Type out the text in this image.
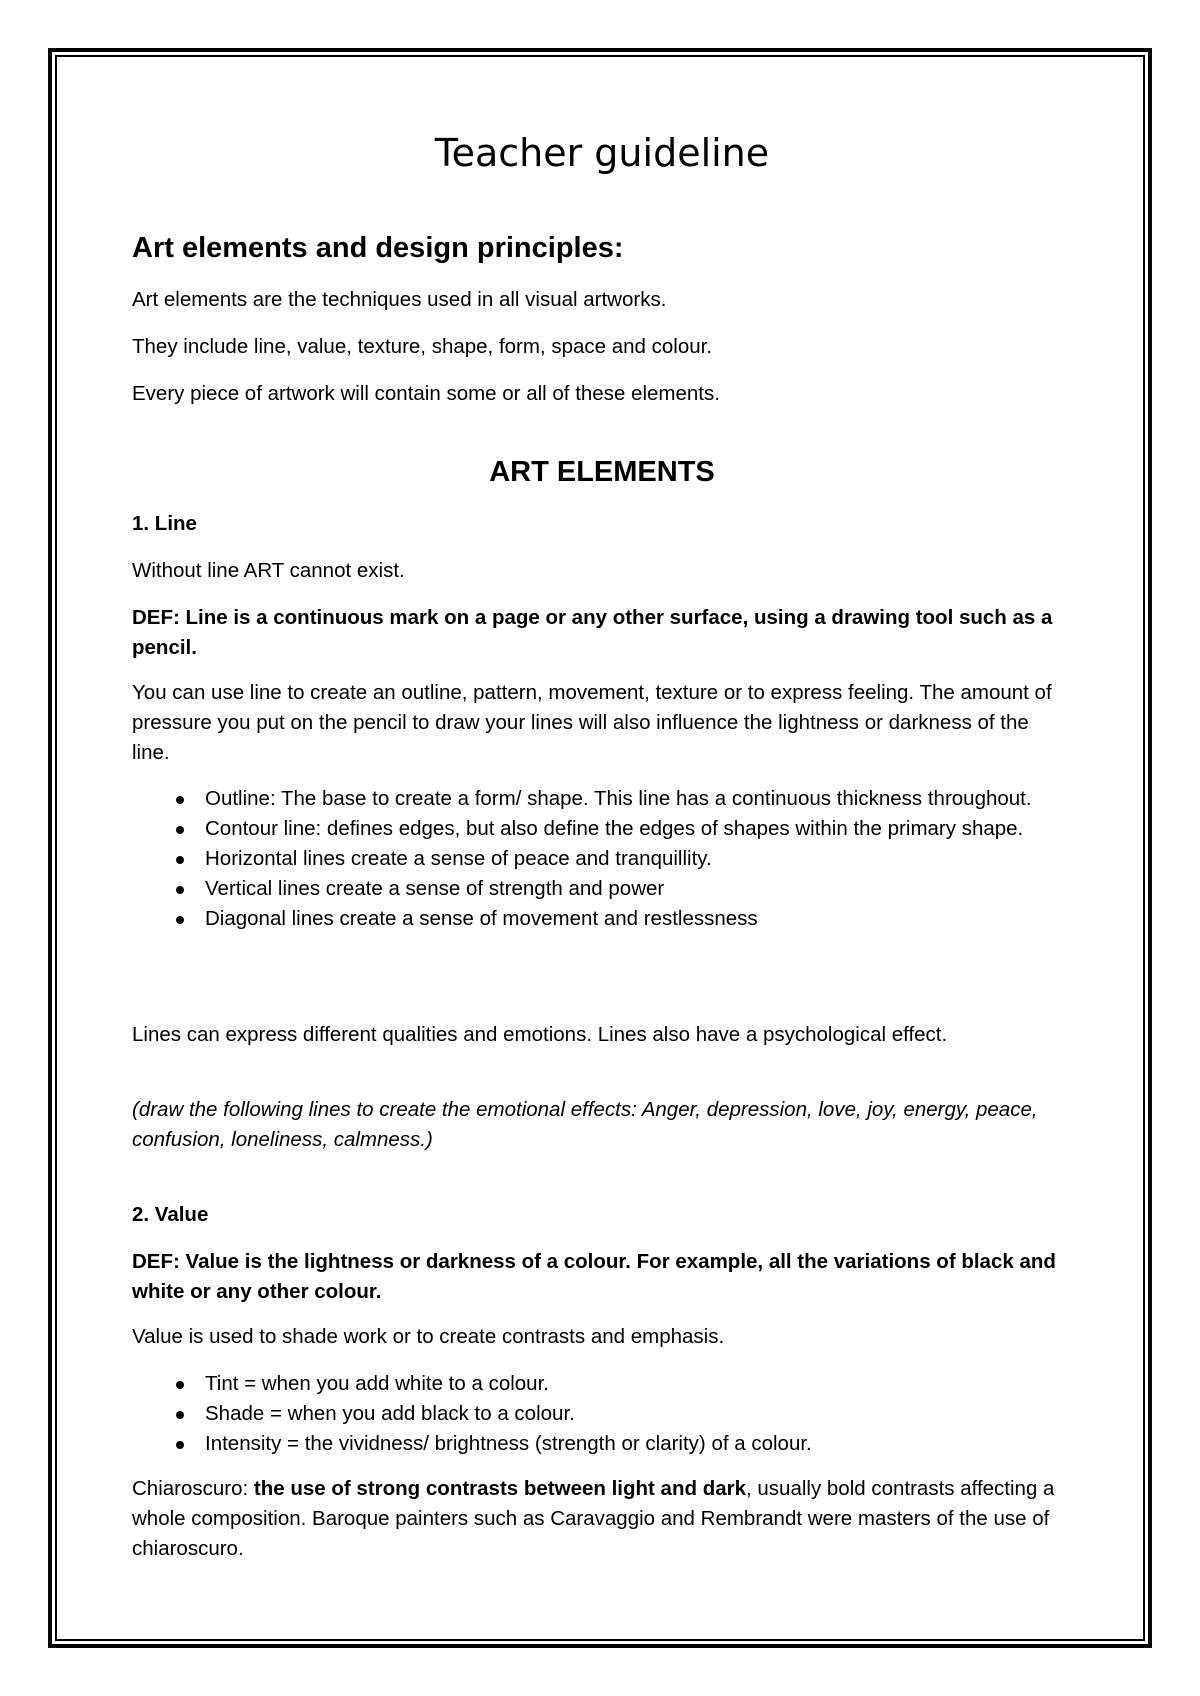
Teacher guideline
Art elements and design principles:

Art elements are the techniques used in all visual artworks.

They include line, value, texture, shape, form, space and colour.

Every piece of artwork will contain some or all of these elements.

ART ELEMENTS

1. Line

Without line ART cannot exist.

DEF: Line is a continuous mark on a page or any other surface, using a drawing tool such as a pencil.

You can use line to create an outline, pattern, movement, texture or to express feeling. The amount of pressure you put on the pencil to draw your lines will also influence the lightness or darkness of the line.

Outline: The base to create a form/ shape. This line has a continuous thickness throughout.
Contour line: defines edges, but also define the edges of shapes within the primary shape.
Horizontal lines create a sense of peace and tranquillity.
Vertical lines create a sense of strength and power
Diagonal lines create a sense of movement and restlessness

Lines can express different qualities and emotions. Lines also have a psychological effect.

(draw the following lines to create the emotional effects: Anger, depression, love, joy, energy, peace, confusion, loneliness, calmness.)

2. Value

DEF: Value is the lightness or darkness of a colour. For example, all the variations of black and white or any other colour.

Value is used to shade work or to create contrasts and emphasis.

Tint = when you add white to a colour.
Shade = when you add black to a colour.
Intensity = the vividness/ brightness (strength or clarity) of a colour.

Chiaroscuro: the use of strong contrasts between light and dark, usually bold contrasts affecting a whole composition. Baroque painters such as Caravaggio and Rembrandt were masters of the use of chiaroscuro.
